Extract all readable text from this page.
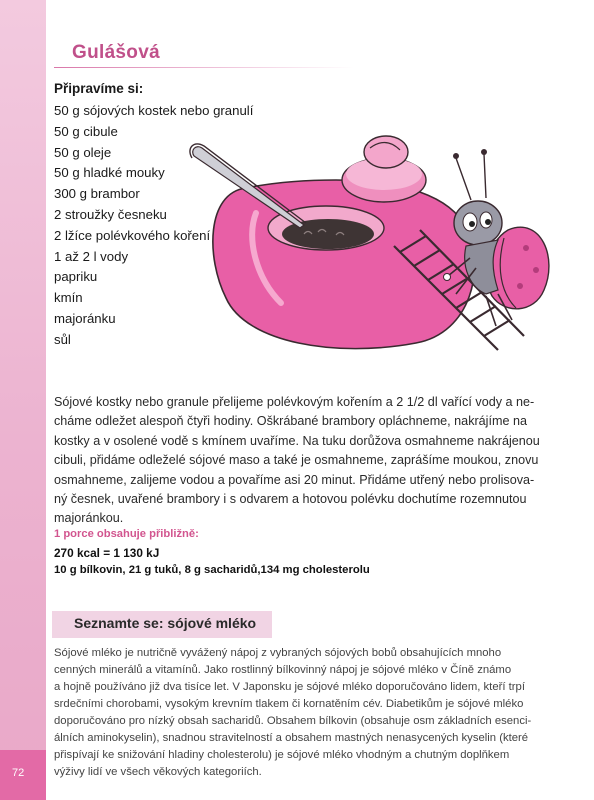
72
Gulášová
Připravíme si:
50 g sójových kostek nebo granulí
50 g cibule
50 g oleje
50 g hladké mouky
300 g brambor
2 stroužky česneku
2 lžíce polévkového koření
1 až 2 l vody
papriku
kmín
majoránku
sůl
Sójové kostky nebo granule přelijeme polévkovým kořením a 2 1/2 dl vařící vody a ne-
cháme odležet alespoň čtyři hodiny. Oškrábané brambory opláchneme, nakrájíme na
kostky a v osolené vodě s kmínem uvaříme. Na tuku dorůžova osmahneme nakrájenou
cibuli, přidáme odleželé sójové maso a také je osmahneme, zaprášíme moukou, znovu
osmahneme, zalijeme vodou a povaříme asi 20 minut. Přidáme utřený nebo prolisova-
ný česnek, uvařené brambory i s odvarem a hotovou polévku dochutíme rozemnutou
majoránkou.
1 porce obsahuje přibližně:
270 kcal = 1 130 kJ
10 g bílkovin, 21 g tuků, 8 g sacharidů,134 mg cholesterolu
Seznamte se: sójové mléko
Sójové mléko je nutričně vyvážený nápoj z vybraných sójových bobů obsahujících mnoho
cenných minerálů a vitamínů. Jako rostlinný bílkovinný nápoj je sójové mléko v Číně známo
a hojně používáno již dva tisíce let. V Japonsku je sójové mléko doporučováno lidem, kteří trpí
srdečními chorobami, vysokým krevním tlakem či kornatěním cév. Diabetikům je sójové mléko
doporučováno pro nízký obsah sacharidů. Obsahem bílkovin (obsahuje osm základních esenci-
álních aminokyselin), snadnou stravitelností a obsahem mastných nenasycených kyselin (které
přispívají ke snižování hladiny cholesterolu) je sójové mléko vhodným a chutným doplňkem
výživy lidí ve všech věkových kategoriích.
